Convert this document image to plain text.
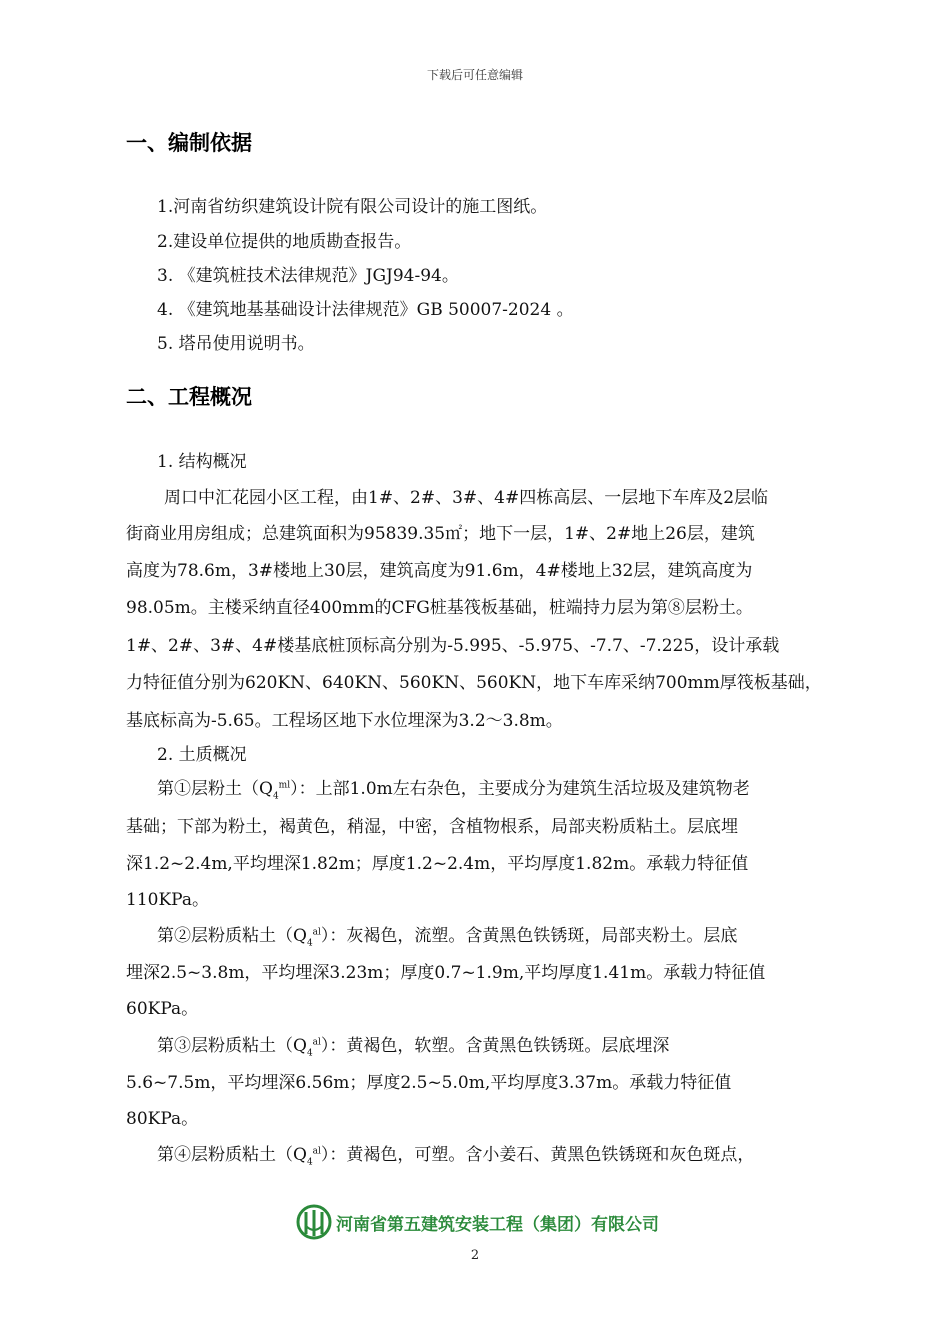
下载后可任意编辑
一、编制依据
1.河南省纺织建筑设计院有限公司设计的施工图纸。
2.建设单位提供的地质勘查报告。
3. 《建筑桩技术法律规范》JGJ94-94。
4. 《建筑地基基础设计法律规范》GB 50007-2024 。
5. 塔吊使用说明书。
二、工程概况
1. 结构概况
周口中汇花园小区工程，由1#、2#、3#、4#四栋高层、一层地下车库及2层临
街商业用房组成；总建筑面积为95839.35㎡；地下一层，1#、2#地上26层，建筑
高度为78.6m，3#楼地上30层，建筑高度为91.6m，4#楼地上32层，建筑高度为
98.05m。主楼采纳直径400mm的CFG桩基筏板基础，桩端持力层为第⑧层粉土。
1#、2#、3#、4#楼基底桩顶标高分别为-5.995、-5.975、-7.7、-7.225，设计承载
力特征值分别为620KN、640KN、560KN、560KN，地下车库采纳700mm厚筏板基础，
基底标高为-5.65。工程场区地下水位埋深为3.2～3.8m。
2. 土质概况
第①层粉土$(Q_4^{ml})$：上部1.0m左右杂色，主要成分为建筑生活垃圾及建筑物老
基础；下部为粉土，褐黄色，稍湿，中密，含植物根系，局部夹粉质粘土。层底埋
深1.2~2.4m,平均埋深1.82m；厚度1.2~2.4m，平均厚度1.82m。承载力特征值
110KPa。
第②层粉质粘土$(Q_4^{al})$：灰褐色，流塑。含黄黑色铁锈斑，局部夹粉土。层底
埋深2.5~3.8m，平均埋深3.23m；厚度0.7~1.9m,平均厚度1.41m。承载力特征值
60KPa。
第③层粉质粘土$(Q_4^{al})$：黄褐色，软塑。含黄黑色铁锈斑。层底埋深
5.6~7.5m，平均埋深6.56m；厚度2.5~5.0m,平均厚度3.37m。承载力特征值
80KPa。
第④层粉质粘土$(Q_4^{al})$：黄褐色，可塑。含小姜石、黄黑色铁锈斑和灰色斑点，
河南省第五建筑安装工程（集团）有限公司
2
